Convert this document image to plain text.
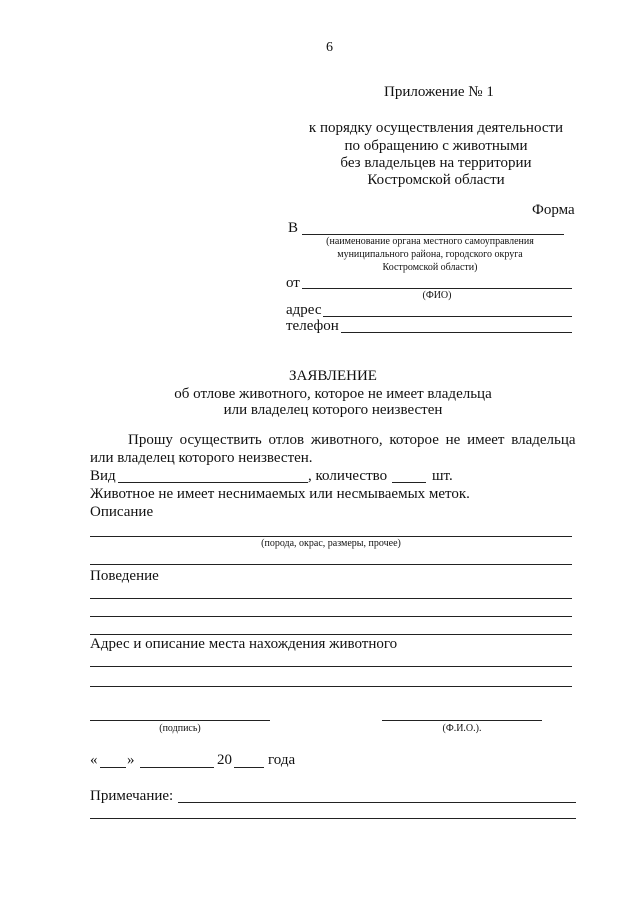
6
Приложение № 1
к порядку осуществления деятельности
по обращению с животными
без владельцев на территории
Костромской области
Форма
В
(наименование органа местного самоуправления
муниципального района, городского округа
Костромской области)
от
(ФИО)
адрес
телефон
ЗАЯВЛЕНИЕ
об отлове животного, которое не имеет владельца
или владелец которого неизвестен
Прошу осуществить отлов животного, которое не имеет владельца
или владелец которого неизвестен.
Вид	, количество	шт.
Животное не имеет неснимаемых или несмываемых меток.
Описание
(порода, окрас, размеры, прочее)
Поведение
Адрес и описание места нахождения животного
(подпись)	(Ф.И.О.).
« »	20 года
Примечание:
